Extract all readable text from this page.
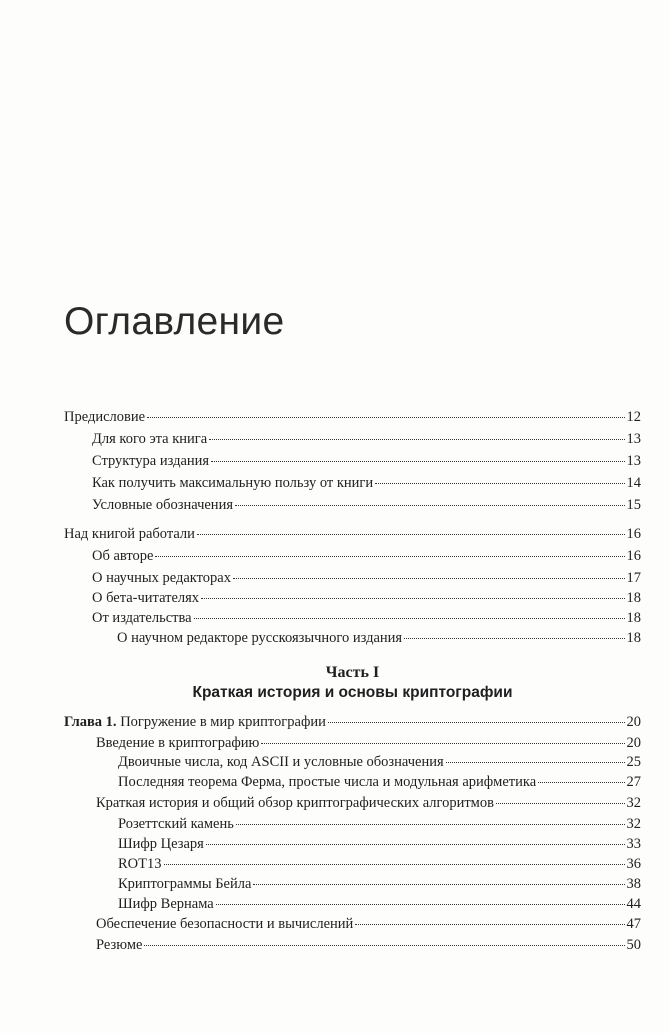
Оглавление
Предисловие	12
Для кого эта книга	13
Структура издания	13
Как получить максимальную пользу от книги	14
Условные обозначения	15
Над книгой работали	16
Об авторе	16
О научных редакторах	17
О бета-читателях	18
От издательства	18
О научном редакторе русскоязычного издания	18
Часть I
Краткая история и основы криптографии
Глава 1. Погружение в мир криптографии	20
Введение в криптографию	20
Двоичные числа, код ASCII и условные обозначения	25
Последняя теорема Ферма, простые числа и модульная арифметика	27
Краткая история и общий обзор криптографических алгоритмов	32
Розеттский камень	32
Шифр Цезаря	33
ROT13	36
Криптограммы Бейла	38
Шифр Вернама	44
Обеспечение безопасности и вычислений	47
Резюме	50
